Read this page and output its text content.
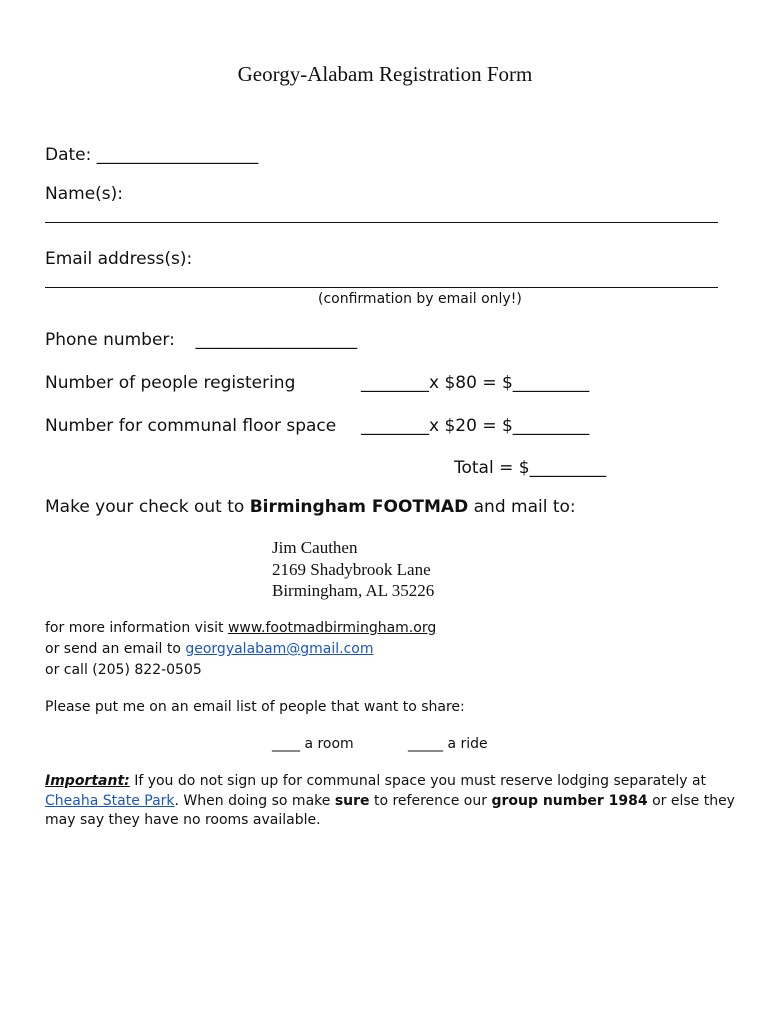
Georgy-Alabam Registration Form
Date: ___________________
Name(s):
Email address(s):
(confirmation by email only!)
Phone number: ___________________
Number of people registering	________x $80 = $_________
Number for communal floor space ________x $20 = $_________
Total = $_________
Make your check out to Birmingham FOOTMAD and mail to:
Jim Cauthen
2169 Shadybrook Lane
Birmingham, AL 35226
for more information visit www.footmadbirmingham.org
or send an email to georgyalabam@gmail.com
or call (205) 822-0505
Please put me on an email list of people that want to share:
____ a room	_____ a ride
Important: If you do not sign up for communal space you must reserve lodging separately at
Cheaha State Park. When doing so make sure to reference our group number 1984 or else they
may say they have no rooms available.
